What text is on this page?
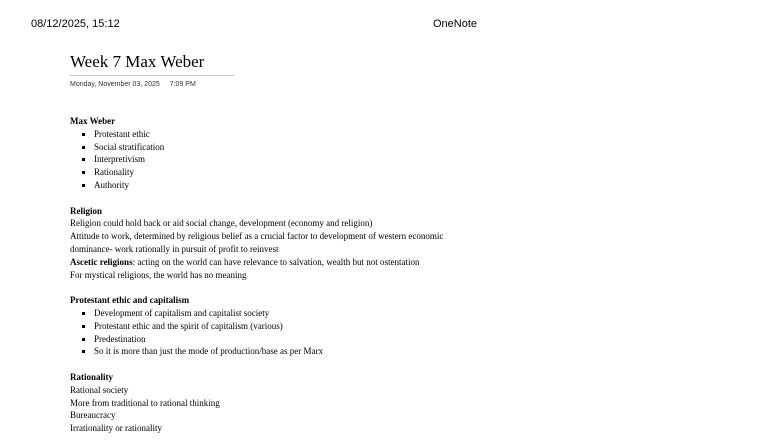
08/12/2025, 15:12	OneNote
Week 7 Max Weber
Monday, November 03, 2025 7:09 PM
Max Weber
Protestant ethic
Social stratification
Interpretivism
Rationality
Authority
Religion
Religion could hold back or aid social change, development (economy and religion)
Attitude to work, determined by religious belief as a crucial factor to development of western economic
dominance- work rationally in pursuit of profit to reinvest
Ascetic religions: acting on the world can have relevance to salvation, wealth but not ostentation
For mystical religions, the world has no meaning
Protestant ethic and capitalism
Development of capitalism and capitalist society
Protestant ethic and the spirit of capitalism (various)
Predestination
So it is more than just the mode of production/base as per Marx
Rationality
Rational society
More from traditional to rational thinking
Bureaucracy
Irrationality or rationality
